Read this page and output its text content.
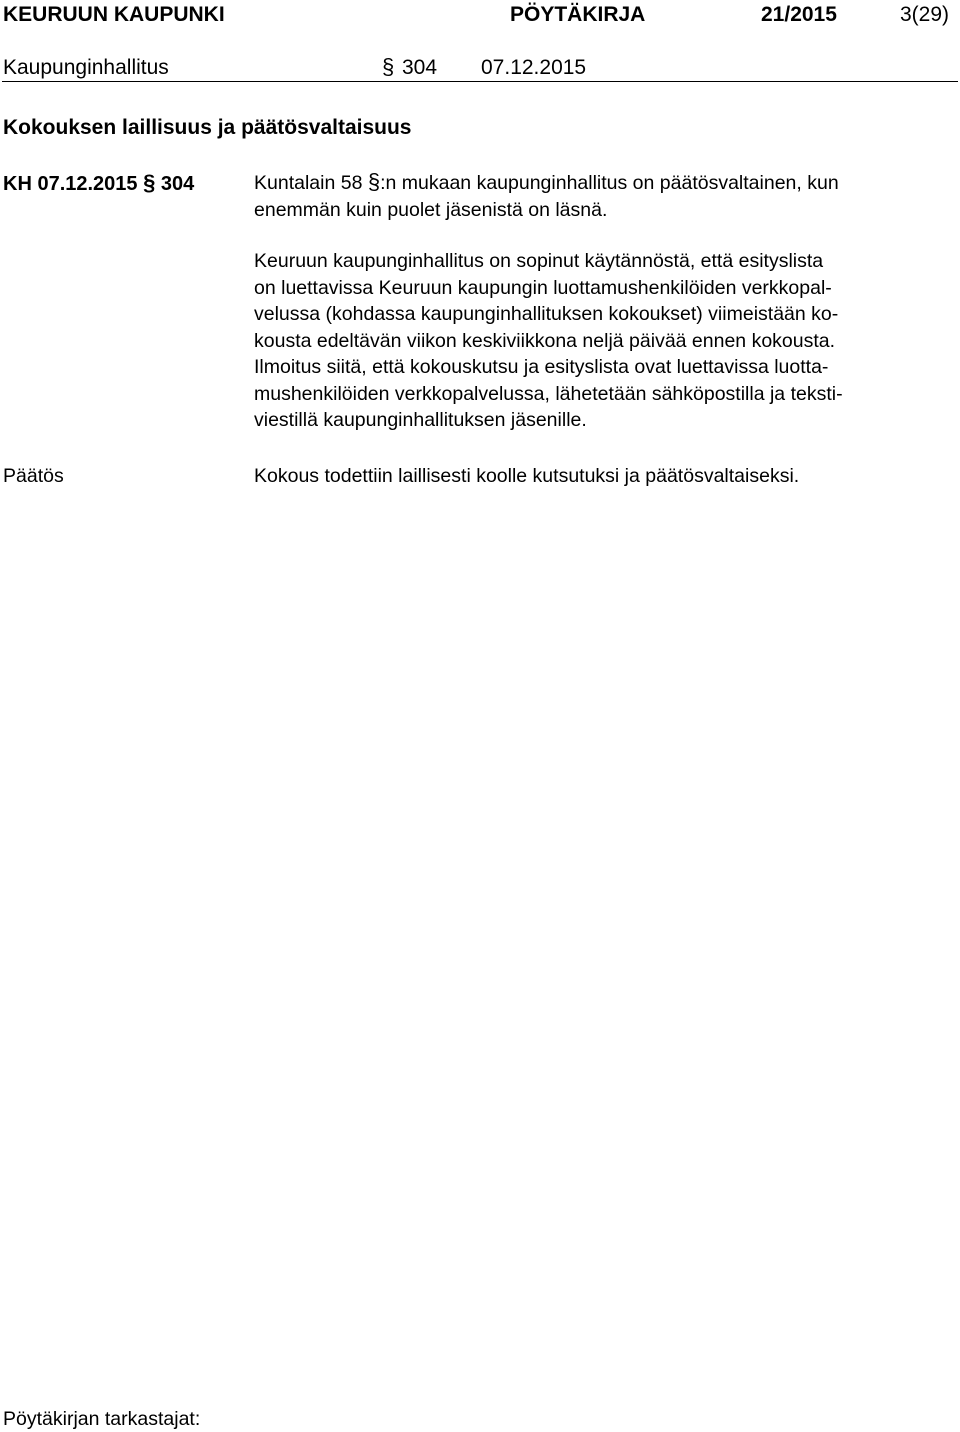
KEURUUN KAUPUNKI	PÖYTÄKIRJA	21/2015	3(29)
Kaupunginhallitus	§ 304 07.12.2015
Kokouksen laillisuus ja päätösvaltaisuus
KH 07.12.2015 § 304	Kuntalain 58 §:n mukaan kaupunginhallitus on päätösvaltainen, kun
enemmän kuin puolet jäsenistä on läsnä.
Keuruun kaupunginhallitus on sopinut käytännöstä, että esityslista
on luettavissa Keuruun kaupungin luottamushenkilöiden verkkopal-
velussa (kohdassa kaupunginhallituksen kokoukset) viimeistään ko-
kousta edeltävän viikon keskiviikkona neljä päivää ennen kokousta.
Ilmoitus siitä, että kokouskutsu ja esityslista ovat luettavissa luotta-
mushenkilöiden verkkopalvelussa, lähetetään sähköpostilla ja teksti-
viestillä kaupunginhallituksen jäsenille.
Päätös	Kokous todettiin laillisesti koolle kutsutuksi ja päätösvaltaiseksi.
Pöytäkirjan tarkastajat:
